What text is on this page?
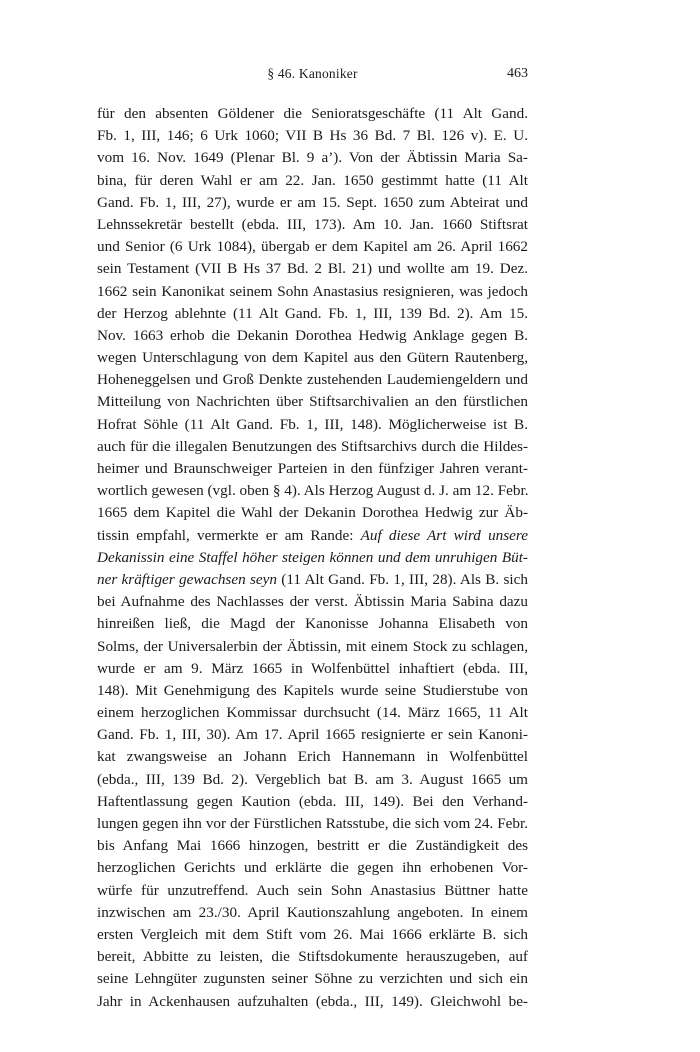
§ 46. Kanoniker	463
für den absenten Göldener die Senioratsgeschäfte (11 Alt Gand.
Fb. 1, III, 146; 6 Urk 1060; VII B Hs 36 Bd. 7 Bl. 126 v). E. U.
vom 16. Nov. 1649 (Plenar Bl. 9 a’). Von der Äbtissin Maria Sa-
bina, für deren Wahl er am 22. Jan. 1650 gestimmt hatte (11 Alt
Gand. Fb. 1, III, 27), wurde er am 15. Sept. 1650 zum Abteirat und
Lehnssekretär bestellt (ebda. III, 173). Am 10. Jan. 1660 Stiftsrat
und Senior (6 Urk 1084), übergab er dem Kapitel am 26. April 1662
sein Testament (VII B Hs 37 Bd. 2 Bl. 21) und wollte am 19. Dez.
1662 sein Kanonikat seinem Sohn Anastasius resignieren, was jedoch
der Herzog ablehnte (11 Alt Gand. Fb. 1, III, 139 Bd. 2). Am 15.
Nov. 1663 erhob die Dekanin Dorothea Hedwig Anklage gegen B.
wegen Unterschlagung von dem Kapitel aus den Gütern Rautenberg,
Hoheneggelsen und Groß Denkte zustehenden Laudemiengeldern und
Mitteilung von Nachrichten über Stiftsarchivalien an den fürstlichen
Hofrat Söhle (11 Alt Gand. Fb. 1, III, 148). Möglicherweise ist B.
auch für die illegalen Benutzungen des Stiftsarchivs durch die Hildes-
heimer und Braunschweiger Parteien in den fünfziger Jahren verant-
wortlich gewesen (vgl. oben § 4). Als Herzog August d. J. am 12. Febr.
1665 dem Kapitel die Wahl der Dekanin Dorothea Hedwig zur Äb-
tissin empfahl, vermerkte er am Rande: Auf diese Art wird unsere
Dekanissin eine Staffel höher steigen können und dem unruhigen Büt-
ner kräftiger gewachsen seyn (11 Alt Gand. Fb. 1, III, 28). Als B. sich
bei Aufnahme des Nachlasses der verst. Äbtissin Maria Sabina dazu
hinreißen ließ, die Magd der Kanonisse Johanna Elisabeth von
Solms, der Universalerbin der Äbtissin, mit einem Stock zu schlagen,
wurde er am 9. März 1665 in Wolfenbüttel inhaftiert (ebda. III,
148). Mit Genehmigung des Kapitels wurde seine Studierstube von
einem herzoglichen Kommissar durchsucht (14. März 1665, 11 Alt
Gand. Fb. 1, III, 30). Am 17. April 1665 resignierte er sein Kanoni-
kat zwangsweise an Johann Erich Hannemann in Wolfenbüttel
(ebda., III, 139 Bd. 2). Vergeblich bat B. am 3. August 1665 um
Haftentlassung gegen Kaution (ebda. III, 149). Bei den Verhand-
lungen gegen ihn vor der Fürstlichen Ratsstube, die sich vom 24. Febr.
bis Anfang Mai 1666 hinzogen, bestritt er die Zuständigkeit des
herzoglichen Gerichts und erklärte die gegen ihn erhobenen Vor-
würfe für unzutreffend. Auch sein Sohn Anastasius Büttner hatte
inzwischen am 23./30. April Kautionszahlung angeboten. In einem
ersten Vergleich mit dem Stift vom 26. Mai 1666 erklärte B. sich
bereit, Abbitte zu leisten, die Stiftsdokumente herauszugeben, auf
seine Lehngüter zugunsten seiner Söhne zu verzichten und sich ein
Jahr in Ackenhausen aufzuhalten (ebda., III, 149). Gleichwohl be-
